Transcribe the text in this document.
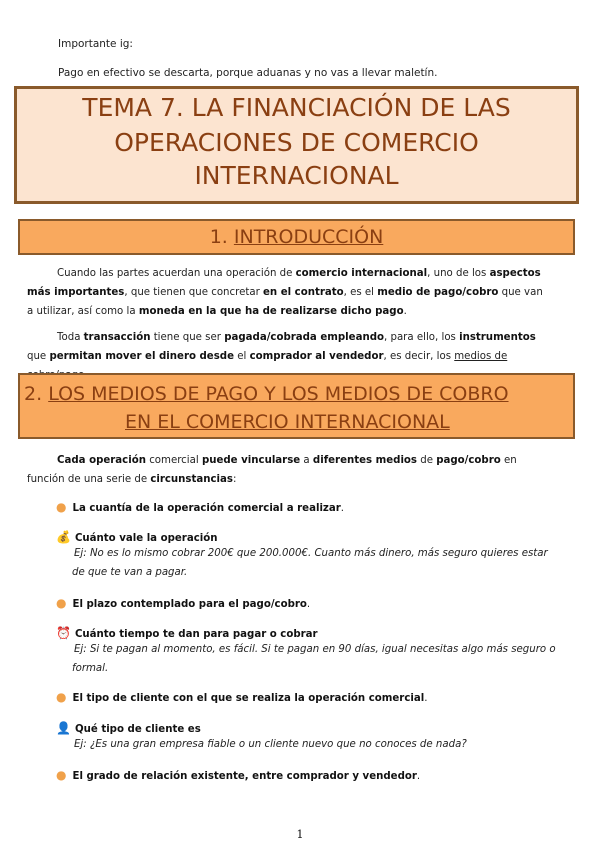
Importante ig:
Pago en efectivo se descarta, porque aduanas y no vas a llevar maletín.
TEMA 7. LA FINANCIACIÓN DE LAS
OPERACIONES DE COMERCIO
INTERNACIONAL
1. INTRODUCCIÓN
Cuando las partes acuerdan una operación de comercio internacional, uno de los aspectos más importantes, que tienen que concretar en el contrato, es el medio de pago/cobro que van a utilizar, así como la moneda en la que ha de realizarse dicho pago.
Toda transacción tiene que ser pagada/cobrada empleando, para ello, los instrumentos que permitan mover el dinero desde el comprador al vendedor, es decir, los medios de
2. LOS MEDIOS DE PAGO Y LOS MEDIOS DE COBRO
EN EL COMERCIO INTERNACIONAL
Cada operación comercial puede vincularse a diferentes medios de pago/cobro en función de una serie de circunstancias:
● La cuantía de la operación comercial a realizar.
💰 Cuánto vale la operación
Ej: No es lo mismo cobrar 200€ que 200.000€. Cuanto más dinero, más seguro quieres estar
de que te van a pagar.
● El plazo contemplado para el pago/cobro.
⏰ Cuánto tiempo te dan para pagar o cobrar
Ej: Si te pagan al momento, es fácil. Si te pagan en 90 días, igual necesitas algo más seguro o
formal.
● El tipo de cliente con el que se realiza la operación comercial.
👤 Qué tipo de cliente es
Ej: ¿Es una gran empresa fiable o un cliente nuevo que no conoces de nada?
● El grado de relación existente, entre comprador y vendedor.
1
